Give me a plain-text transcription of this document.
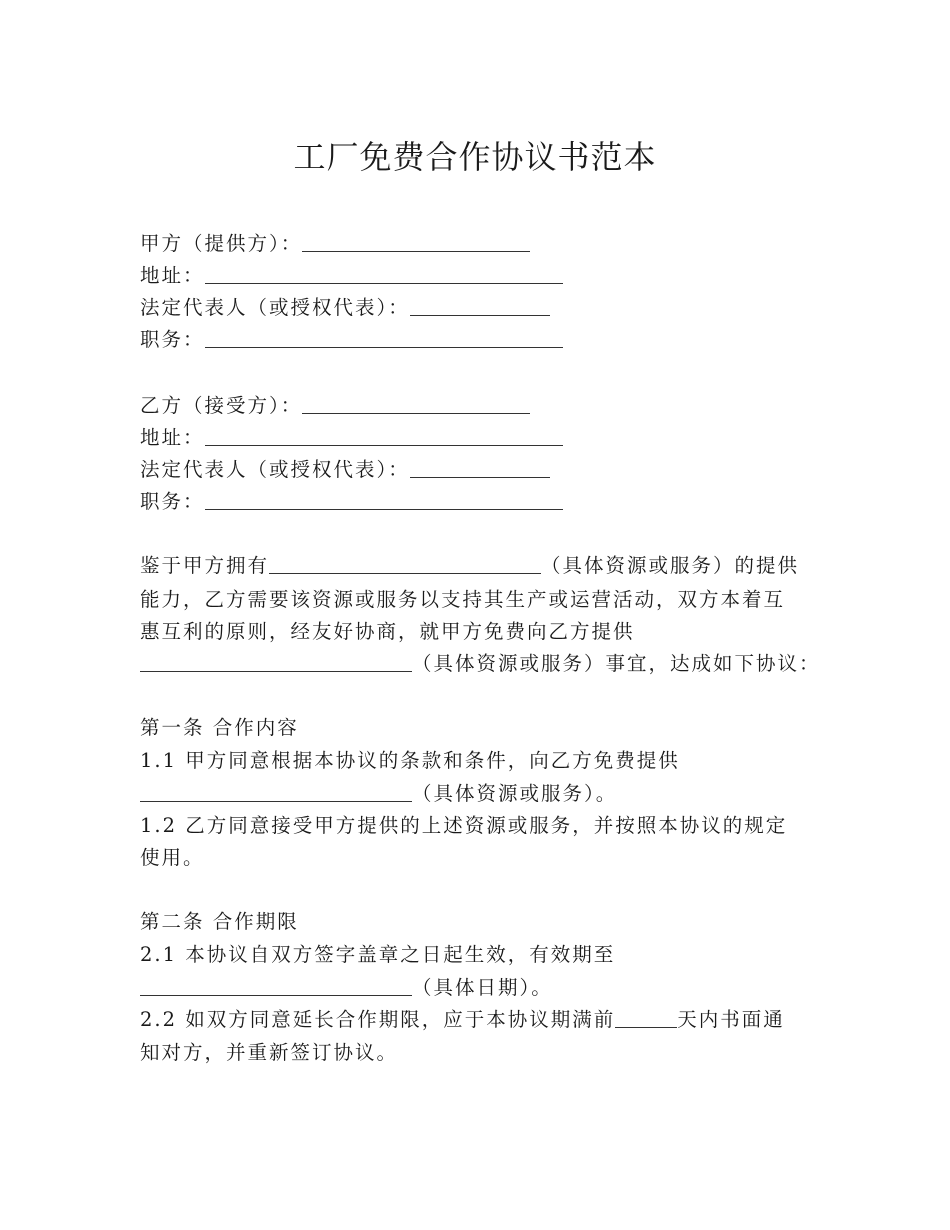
工厂免费合作协议书范本
甲方（提供方）：
地址：
法定代表人（或授权代表）：
职务：
乙方（接受方）：
地址：
法定代表人（或授权代表）：
职务：
鉴于甲方拥有	（具体资源或服务）的提供
能力，乙方需要该资源或服务以支持其生产或运营活动，双方本着互
惠互利的原则，经友好协商，就甲方免费向乙方提供
（具体资源或服务）事宜，达成如下协议：
第一条 合作内容
1.1 甲方同意根据本协议的条款和条件，向乙方免费提供
（具体资源或服务）。
1.2 乙方同意接受甲方提供的上述资源或服务，并按照本协议的规定
使用。
第二条 合作期限
2.1 本协议自双方签字盖章之日起生效，有效期至
（具体日期）。
2.2 如双方同意延长合作期限，应于本协议期满前	天内书面通
知对方，并重新签订协议。
